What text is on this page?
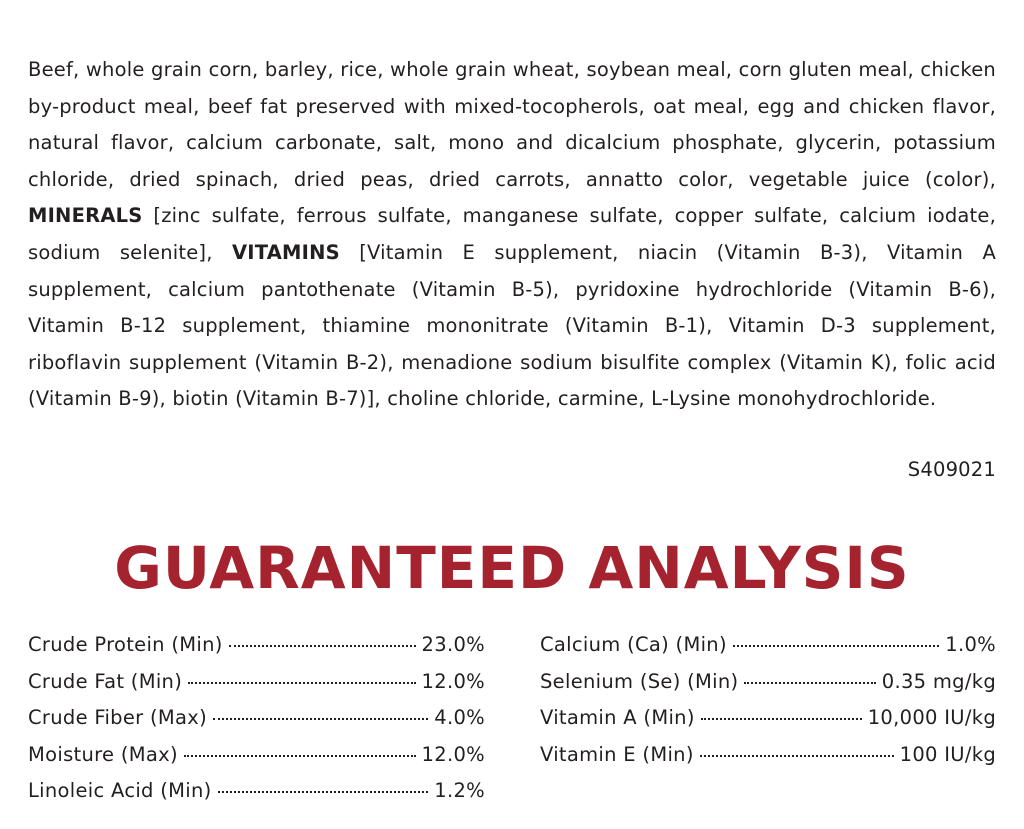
Beef, whole grain corn, barley, rice, whole grain wheat, soybean meal, corn gluten meal, chicken by-product meal, beef fat preserved with mixed-tocopherols, oat meal, egg and chicken flavor, natural flavor, calcium carbonate, salt, mono and dicalcium phosphate, glycerin, potassium chloride, dried spinach, dried peas, dried carrots, annatto color, vegetable juice (color), MINERALS [zinc sulfate, ferrous sulfate, manganese sulfate, copper sulfate, calcium iodate, sodium selenite], VITAMINS [Vitamin E supplement, niacin (Vitamin B-3), Vitamin A supplement, calcium pantothenate (Vitamin B-5), pyridoxine hydrochloride (Vitamin B-6), Vitamin B-12 supplement, thiamine mononitrate (Vitamin B-1), Vitamin D-3 supplement, riboflavin supplement (Vitamin B-2), menadione sodium bisulfite complex (Vitamin K), folic acid (Vitamin B-9), biotin (Vitamin B-7)], choline chloride, carmine, L-Lysine monohydrochloride.

S409021
GUARANTEED ANALYSIS
Crude Protein (Min)	23.0%
Crude Fat (Min)	12.0%
Crude Fiber (Max)	4.0%
Moisture (Max)	12.0%
Linoleic Acid (Min)	1.2%
Calcium (Ca) (Min)	1.0%
Selenium (Se) (Min)	0.35 mg/kg
Vitamin A (Min)	10,000 IU/kg
Vitamin E (Min)	100 IU/kg
